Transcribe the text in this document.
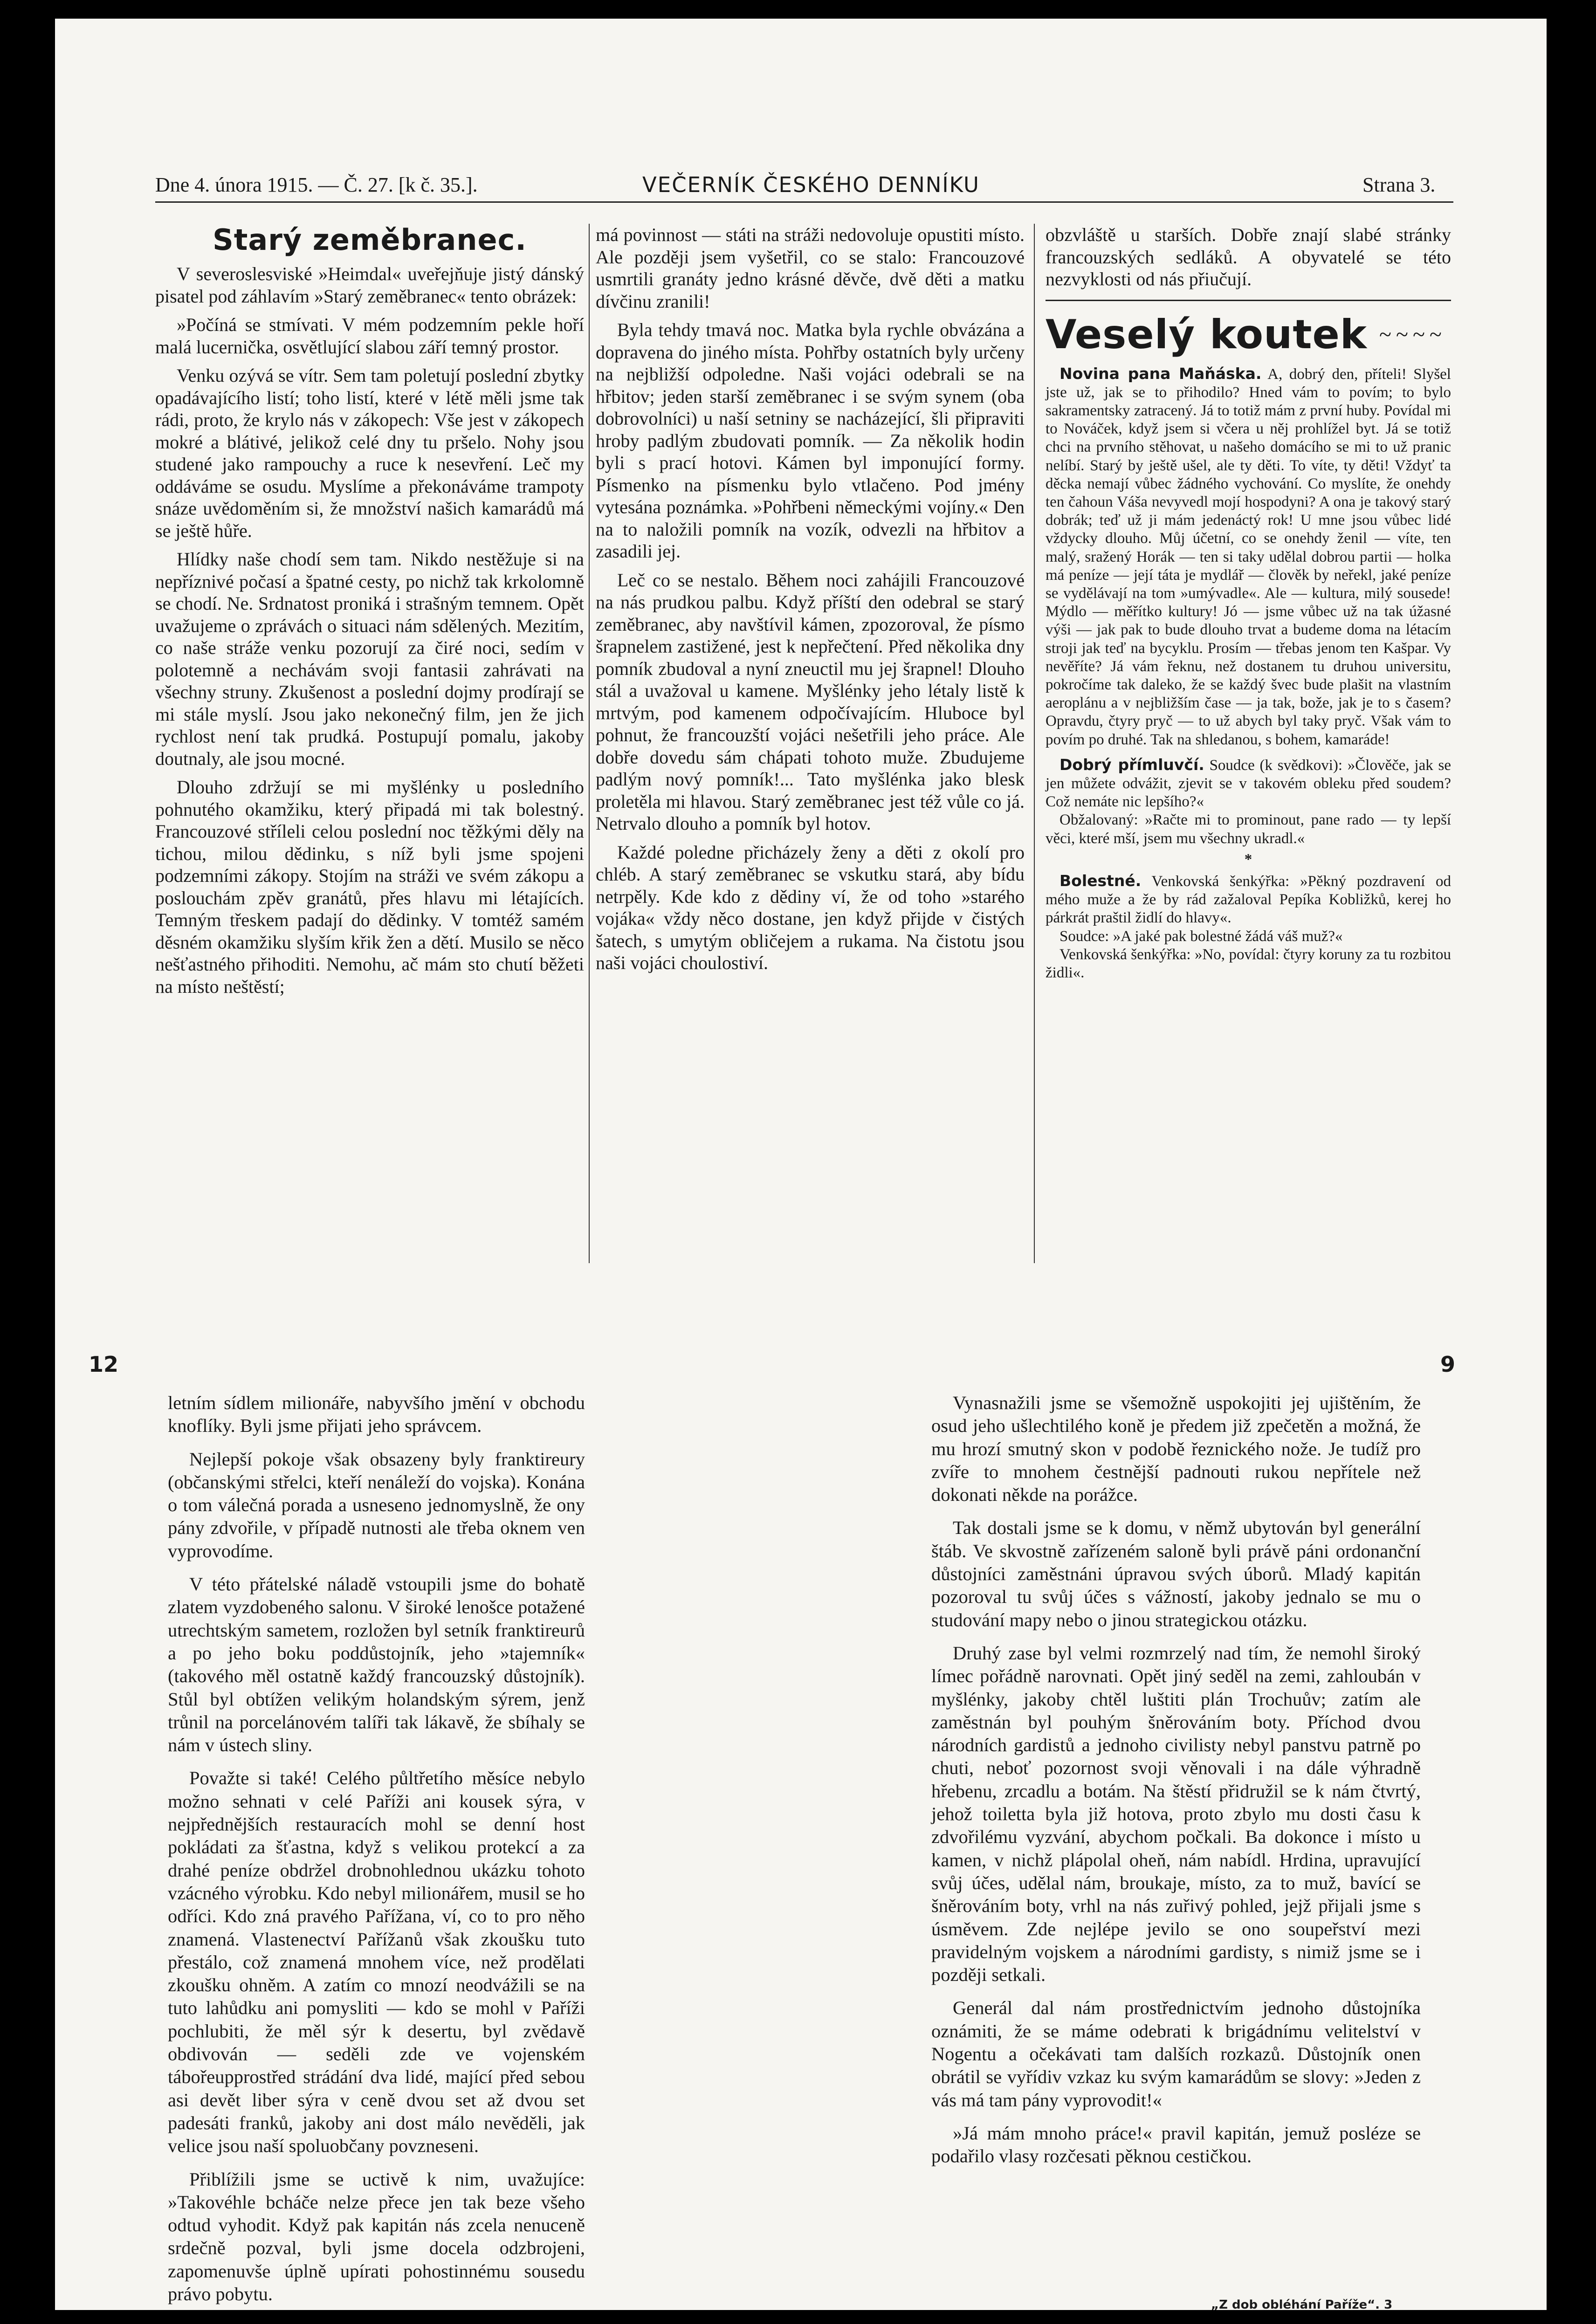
Dne 4. února 1915. — Č. 27. [k č. 35.].	VEČERNÍK ČESKÉHO DENNÍKU	Strana 3.
Starý zeměbranec.

V severoslesviské »Heimdal« uveřejňuje jistý dánský pisatel pod záhlavím »Starý zeměbranec« tento obrázek:

»Počíná se stmívati. V mém podzemním pekle hoří malá lucernička, osvětlující slabou září temný prostor.

Venku ozývá se vítr. Sem tam poletují poslední zbytky opadávajícího listí; toho listí, které v létě měli jsme tak rádi, proto, že krylo nás v zákopech: Vše jest v zákopech mokré a blátivé, jelikož celé dny tu pršelo. Nohy jsou studené jako rampouchy a ruce k nesevření. Leč my oddáváme se osudu. Myslíme a překonáváme trampoty snáze uvědoměním si, že množství našich kamarádů má se ještě hůře.

Hlídky naše chodí sem tam. Nikdo nestěžuje si na nepříznivé počasí a špatné cesty, po nichž tak krkolomně se chodí. Ne. Srdnatost proniká i strašným temnem. Opět uvažujeme o zprávách o situaci nám sdělených. Mezitím, co naše stráže venku pozorují za čiré noci, sedím v polotemně a nechávám svoji fantasii zahrávati na všechny struny. Zkušenost a poslední dojmy prodírají se mi stále myslí. Jsou jako nekonečný film, jen že jich rychlost není tak prudká. Postupují pomalu, jakoby doutnaly, ale jsou mocné.

Dlouho zdržují se mi myšlénky u posledního pohnutého okamžiku, který připadá mi tak bolestný. Francouzové stříleli celou poslední noc těžkými děly na tichou, milou dědinku, s níž byli jsme spojeni podzemními zákopy. Stojím na stráži ve svém zákopu a poslouchám zpěv granátů, přes hlavu mi létajících. Temným třeskem padají do dědinky. V tomtéž samém děsném okamžiku slyším křik žen a dětí. Musilo se něco nešťastného přihoditi. Nemohu, ač mám sto chutí běžeti na místo neštěstí;

má povinnost — státi na stráži nedovoluje opustiti místo. Ale později jsem vyšetřil, co se stalo: Francouzové usmrtili granáty jedno krásné děvče, dvě děti a matku dívčinu zranili!

Byla tehdy tmavá noc. Matka byla rychle obvázána a dopravena do jiného místa. Pohřby ostatních byly určeny na nejbližší odpoledne. Naši vojáci odebrali se na hřbitov; jeden starší zeměbranec i se svým synem (oba dobrovolníci) u naší setniny se nacházející, šli připraviti hroby padlým zbudovati pomník. — Za několik hodin byli s prací hotovi. Kámen byl imponující formy. Písmenko na písmenku bylo vtlačeno. Pod jmény vytesána poznámka. »Pohřbeni německými vojíny.« Den na to naložili pomník na vozík, odvezli na hřbitov a zasadili jej.

Leč co se nestalo. Během noci zahájili Francouzové na nás prudkou palbu. Když příští den odebral se starý zeměbranec, aby navštívil kámen, zpozoroval, že písmo šrapnelem zastižené, jest k nepřečtení. Před několika dny pomník zbudoval a nyní zneuctil mu jej šrapnel! Dlouho stál a uvažoval u kamene. Myšlénky jeho létaly listě k mrtvým, pod kamenem odpočívajícím. Hluboce byl pohnut, že francouzští vojáci nešetřili jeho práce. Ale dobře dovedu sám chápati tohoto muže. Zbudujeme padlým nový pomník!... Tato myšlénka jako blesk proletěla mi hlavou. Starý zeměbranec jest též vůle co já. Netrvalo dlouho a pomník byl hotov.

Každé poledne přicházely ženy a děti z okolí pro chléb. A starý zeměbranec se vskutku stará, aby bídu netrpěly. Kde kdo z dědiny ví, že od toho »starého vojáka« vždy něco dostane, jen když přijde v čistých šatech, s umytým obličejem a rukama. Na čistotu jsou naši vojáci choulostiví.

obzvláště u starších. Dobře znají slabé stránky francouzských sedláků. A obyvatelé se této nezvyklosti od nás přiučují.

Veselý koutek ~~~~

Novina pana Maňáska. A, dobrý den, příteli! Slyšel jste už, jak se to přihodilo? Hned vám to povím; to bylo sakramentsky zatracený. Já to totiž mám z první huby. Povídal mi to Nováček, když jsem si včera u něj prohlížel byt. Já se totiž chci na prvního stěhovat, u našeho domácího se mi to už pranic nelíbí. Starý by ještě ušel, ale ty děti. To víte, ty děti! Vždyť ta děcka nemají vůbec žádného vychování. Co myslíte, že onehdy ten čahoun Váša nevyvedl mojí hospodyni? A ona je takový starý dobrák; teď už ji mám jedenáctý rok! U mne jsou vůbec lidé vždycky dlouho. Můj účetní, co se onehdy ženil — víte, ten malý, sražený Horák — ten si taky udělal dobrou partii — holka má peníze — její táta je mydlář — člověk by neřekl, jaké peníze se vydělávají na tom »umývadle«. Ale — kultura, milý sousede! Mýdlo — měřítko kultury! Jó — jsme vůbec už na tak úžasné výši — jak pak to bude dlouho trvat a budeme doma na létacím stroji jak teď na bycyklu. Prosím — třebas jenom ten Kašpar. Vy nevěříte? Já vám řeknu, než dostanem tu druhou universitu, pokročíme tak daleko, že se každý švec bude plašit na vlastním aeroplánu a v nejbližším čase — ja tak, bože, jak je to s časem? Opravdu, čtyry pryč — to už abych byl taky pryč. Však vám to povím po druhé. Tak na shledanou, s bohem, kamaráde!

Dobrý přímluvčí. Soudce (k svědkovi): »Člověče, jak se jen můžete odvážit, zjevit se v takovém obleku před soudem? Což nemáte nic lepšího?«

Obžalovaný: »Račte mi to prominout, pane rado — ty lepší věci, které mší, jsem mu všechny ukradl.«

*

Bolestné. Venkovská šenkýřka: »Pěkný pozdravení od mého muže a že by rád zažaloval Pepíka Kobližků, kerej ho párkrát praštil židlí do hlavy«.

Soudce: »A jaké pak bolestné žádá váš muž?«

Venkovská šenkýřka: »No, povídal: čtyry koruny za tu rozbitou židli«.

12	9

letním sídlem milionáře, nabyvšího jmění v obchodu knoflíky. Byli jsme přijati jeho správcem.

Nejlepší pokoje však obsazeny byly franktireury (občanskými střelci, kteří nenáleží do vojska). Konána o tom válečná porada a usneseno jednomyslně, že ony pány zdvořile, v případě nutnosti ale třeba oknem ven vyprovodíme.

V této přátelské náladě vstoupili jsme do bohatě zlatem vyzdobeného salonu. V široké lenošce potažené utrechtským sametem, rozložen byl setník franktireurů a po jeho boku poddůstojník, jeho »tajemník« (takového měl ostatně každý francouzský důstojník). Stůl byl obtížen velikým holandským sýrem, jenž trůnil na porcelánovém talíři tak lákavě, že sbíhaly se nám v ústech sliny.

Považte si také! Celého půltřetího měsíce nebylo možno sehnati v celé Paříži ani kousek sýra, v nejpřednějších restauracích mohl se denní host pokládati za šťastna, když s velikou protekcí a za drahé peníze obdržel drobnohlednou ukázku tohoto vzácného výrobku. Kdo nebyl milionářem, musil se ho odříci. Kdo zná pravého Pařížana, ví, co to pro něho znamená. Vlastenectví Pařížanů však zkoušku tuto přestálo, což znamená mnohem více, než prodělati zkoušku ohněm. A zatím co mnozí neodvážili se na tuto lahůdku ani pomysliti — kdo se mohl v Paříži pochlubiti, že měl sýr k desertu, byl zvědavě obdivován — seděli zde ve vojenském tábořeupprostřed strádání dva lidé, mající před sebou asi devět liber sýra v ceně dvou set až dvou set padesáti franků, jakoby ani dost málo nevěděli, jak velice jsou naší spoluobčany povzneseni.

Přiblížili jsme se uctivě k nim, uvažujíce: »Takovéhle bcháče nelze přece jen tak beze všeho odtud vyhodit. Když pak kapitán nás zcela nenuceně srdečně pozval, byli jsme docela odzbrojeni, zapomenuvše úplně upírati pohostinnému sousedu právo pobytu.

Vynasnažili jsme se všemožně uspokojiti jej ujištěním, že osud jeho ušlechtilého koně je předem již zpečetěn a možná, že mu hrozí smutný skon v podobě řeznického nože. Je tudíž pro zvíře to mnohem čestnější padnouti rukou nepřítele než dokonati někde na porážce.

Tak dostali jsme se k domu, v němž ubytován byl generální štáb. Ve skvostně zařízeném saloně byli právě páni ordonanční důstojníci zaměstnáni úpravou svých úborů. Mladý kapitán pozoroval tu svůj účes s vážností, jakoby jednalo se mu o studování mapy nebo o jinou strategickou otázku.

Druhý zase byl velmi rozmrzelý nad tím, že nemohl široký límec pořádně narovnati. Opět jiný seděl na zemi, zahloubán v myšlénky, jakoby chtěl luštiti plán Trochuův; zatím ale zaměstnán byl pouhým šněrováním boty. Příchod dvou národních gardistů a jednoho civilisty nebyl panstvu patrně po chuti, neboť pozornost svoji věnovali i na dále výhradně hřebenu, zrcadlu a botám. Na štěstí přidružil se k nám čtvrtý, jehož toiletta byla již hotova, proto zbylo mu dosti času k zdvořilému vyzvání, abychom počkali. Ba dokonce i místo u kamen, v nichž plápolal oheň, nám nabídl. Hrdina, upravující svůj účes, udělal nám, broukaje, místo, za to muž, bavící se šněrováním boty, vrhl na nás zuřivý pohled, jejž přijali jsme s úsměvem. Zde nejlépe jevilo se ono soupeřství mezi pravidelným vojskem a národními gardisty, s nimiž jsme se i později setkali.

Generál dal nám prostřednictvím jednoho důstojníka oznámiti, že se máme odebrati k brigádnímu velitelství v Nogentu a očekávati tam dalších rozkazů. Důstojník onen obrátil se vyřídiv vzkaz ku svým kamarádům se slovy: »Jeden z vás má tam pány vyprovodit!«

»Já mám mnoho práce!« pravil kapitán, jemuž posléze se podařilo vlasy rozčesati pěknou cestičkou.

„Z dob obléhání Paříže“. 3
